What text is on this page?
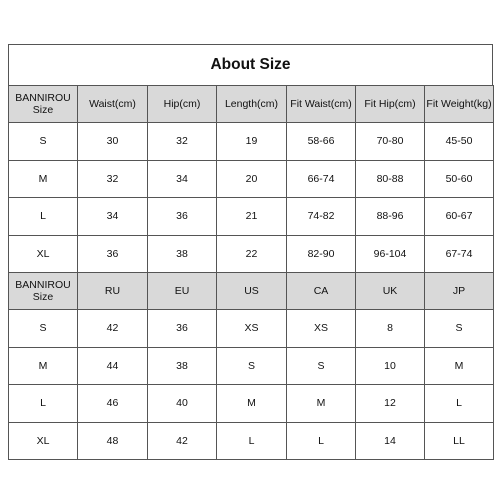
About Size
BANNIROU
Size	Waist(cm)	Hip(cm)	Length(cm)	Fit Waist(cm)	Fit Hip(cm)	Fit Weight(kg)
S	30	32	19	58-66	70-80	45-50
M	32	34	20	66-74	80-88	50-60
L	34	36	21	74-82	88-96	60-67
XL	36	38	22	82-90	96-104	67-74
BANNIROU
Size	RU	EU	US	CA	UK	JP
S	42	36	XS	XS	8	S
M	44	38	S	S	10	M
L	46	40	M	M	12	L
XL	48	42	L	L	14	LL
